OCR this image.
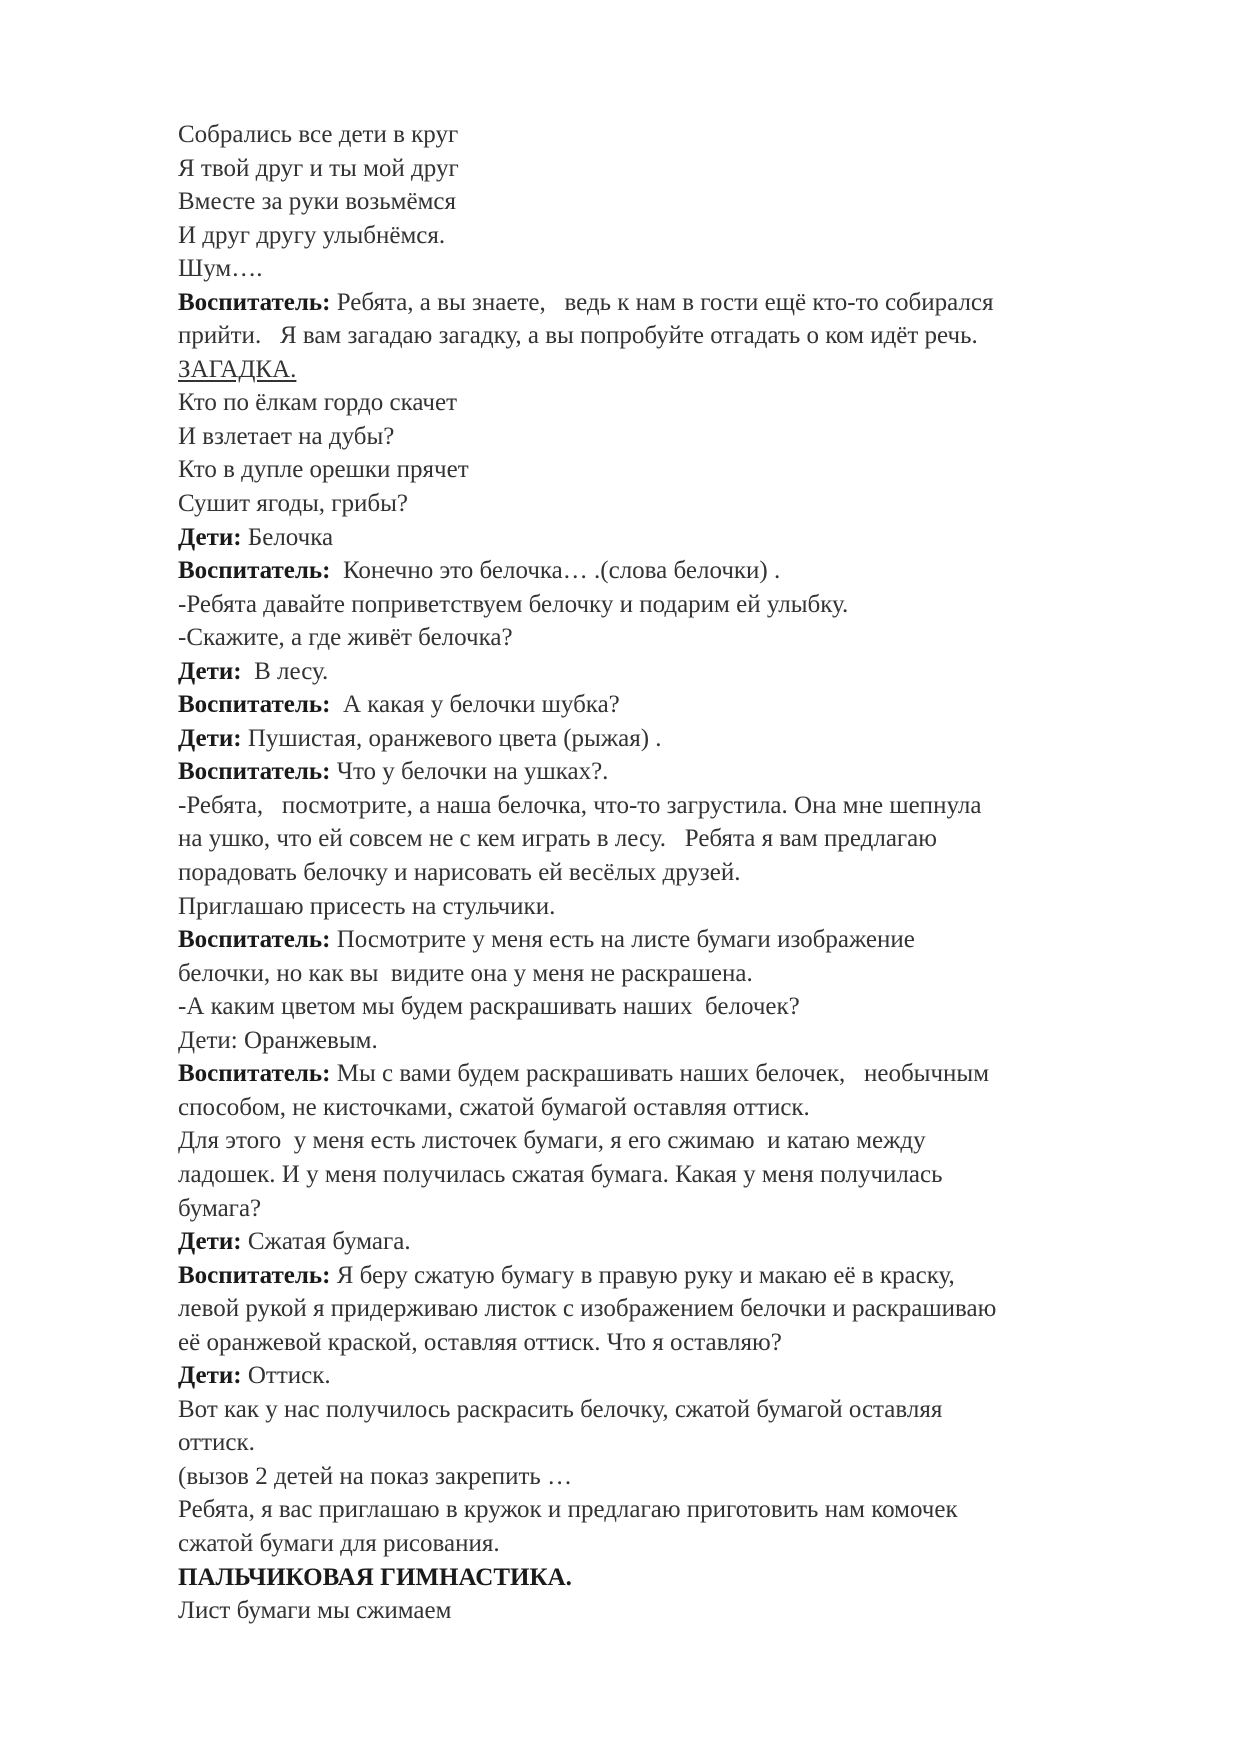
Собрались все дети в круг
Я твой друг и ты мой друг
Вместе за руки возьмёмся
И друг другу улыбнёмся.
Шум….
Воспитатель: Ребята, а вы знаете,   ведь к нам в гости ещё кто-то собирался
прийти.   Я вам загадаю загадку, а вы попробуйте отгадать о ком идёт речь.
ЗАГАДКА.
Кто по ёлкам гордо скачет
И взлетает на дубы?
Кто в дупле орешки прячет
Сушит ягоды, грибы?
Дети: Белочка
Воспитатель:  Конечно это белочка… .(слова белочки) .
-Ребята давайте поприветствуем белочку и подарим ей улыбку.
-Скажите, а где живёт белочка?
Дети:  В лесу.
Воспитатель:  А какая у белочки шубка?
Дети: Пушистая, оранжевого цвета (рыжая) .
Воспитатель: Что у белочки на ушках?.
-Ребята,   посмотрите, а наша белочка, что-то загрустила. Она мне шепнула
на ушко, что ей совсем не с кем играть в лесу.   Ребята я вам предлагаю
порадовать белочку и нарисовать ей весёлых друзей.
Приглашаю присесть на стульчики.
Воспитатель: Посмотрите у меня есть на листе бумаги изображение
белочки, но как вы  видите она у меня не раскрашена.
-А каким цветом мы будем раскрашивать наших  белочек?
Дети: Оранжевым.
Воспитатель: Мы с вами будем раскрашивать наших белочек,   необычным
способом, не кисточками, сжатой бумагой оставляя оттиск.
Для этого  у меня есть листочек бумаги, я его сжимаю  и катаю между
ладошек. И у меня получилась сжатая бумага. Какая у меня получилась
бумага?
Дети: Сжатая бумага.
Воспитатель: Я беру сжатую бумагу в правую руку и макаю её в краску,
левой рукой я придерживаю листок с изображением белочки и раскрашиваю
её оранжевой краской, оставляя оттиск. Что я оставляю?
Дети: Оттиск.
Вот как у нас получилось раскрасить белочку, сжатой бумагой оставляя
оттиск.
(вызов 2 детей на показ закрепить …
Ребята, я вас приглашаю в кружок и предлагаю приготовить нам комочек
сжатой бумаги для рисования.
ПАЛЬЧИКОВАЯ ГИМНАСТИКА.
Лист бумаги мы сжимаем
